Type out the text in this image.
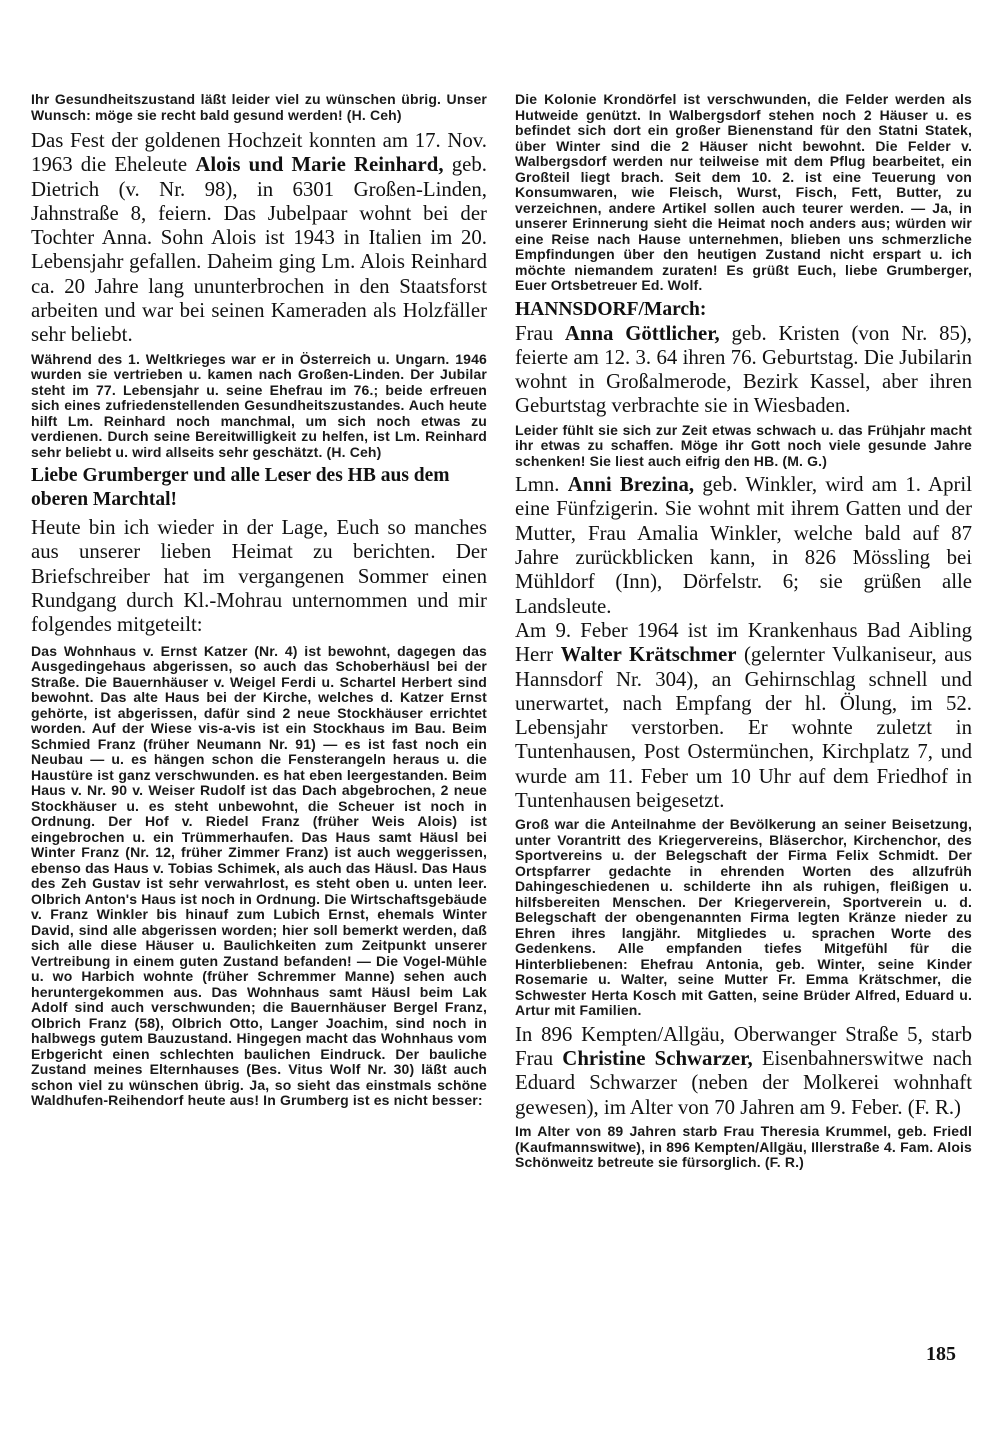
Ihr Gesundheitszustand läßt leider viel zu wünschen übrig. Unser Wunsch: möge sie recht bald gesund werden! (H. Ceh)

Das Fest der goldenen Hochzeit konnten am 17. Nov. 1963 die Eheleute Alois und Marie Reinhard, geb. Dietrich (v. Nr. 98), in 6301 Großen-Linden, Jahnstraße 8, feiern. Das Jubelpaar wohnt bei der Tochter Anna. Sohn Alois ist 1943 in Italien im 20. Lebensjahr gefallen. Daheim ging Lm. Alois Reinhard ca. 20 Jahre lang ununterbrochen in den Staatsforst arbeiten und war bei seinen Kameraden als Holzfäller sehr beliebt.

Während des 1. Weltkrieges war er in Österreich u. Ungarn. 1946 wurden sie vertrieben u. kamen nach Großen-Linden. Der Jubilar steht im 77. Lebensjahr u. seine Ehefrau im 76.; beide erfreuen sich eines zufriedenstellenden Gesundheitszustandes. Auch heute hilft Lm. Reinhard noch manchmal, um sich noch etwas zu verdienen. Durch seine Bereitwilligkeit zu helfen, ist Lm. Reinhard sehr beliebt u. wird allseits sehr geschätzt. (H. Ceh)

Liebe Grumberger und alle Leser des HB aus dem oberen Marchtal!

Heute bin ich wieder in der Lage, Euch so manches aus unserer lieben Heimat zu berichten. Der Briefschreiber hat im vergangenen Sommer einen Rundgang durch Kl.-Mohrau unternommen und mir folgendes mitgeteilt:

Das Wohnhaus v. Ernst Katzer (Nr. 4) ist bewohnt, dagegen das Ausgedingehaus abgerissen, so auch das Schoberhäusl bei der Straße. Die Bauernhäuser v. Weigel Ferdi u. Schartel Herbert sind bewohnt. Das alte Haus bei der Kirche, welches d. Katzer Ernst gehörte, ist abgerissen, dafür sind 2 neue Stockhäuser errichtet worden. Auf der Wiese vis-a-vis ist ein Stockhaus im Bau. Beim Schmied Franz (früher Neumann Nr. 91) — es ist fast noch ein Neubau — u. es hängen schon die Fensterangeln heraus u. die Haustüre ist ganz verschwunden. es hat eben leergestanden. Beim Haus v. Nr. 90 v. Weiser Rudolf ist das Dach abgebrochen, 2 neue Stockhäuser u. es steht unbewohnt, die Scheuer ist noch in Ordnung. Der Hof v. Riedel Franz (früher Weis Alois) ist eingebrochen u. ein Trümmerhaufen. Das Haus samt Häusl bei Winter Franz (Nr. 12, früher Zimmer Franz) ist auch weggerissen, ebenso das Haus v. Tobias Schimek, als auch das Häusl. Das Haus des Zeh Gustav ist sehr verwahrlost, es steht oben u. unten leer. Olbrich Anton's Haus ist noch in Ordnung. Die Wirtschaftsgebäude v. Franz Winkler bis hinauf zum Lubich Ernst, ehemals Winter David, sind alle abgerissen worden; hier soll bemerkt werden, daß sich alle diese Häuser u. Baulichkeiten zum Zeitpunkt unserer Vertreibung in einem guten Zustand befanden! — Die Vogel-Mühle u. wo Harbich wohnte (früher Schremmer Manne) sehen auch heruntergekommen aus. Das Wohnhaus samt Häusl beim Lak Adolf sind auch verschwunden; die Bauernhäuser Bergel Franz, Olbrich Franz (58), Olbrich Otto, Langer Joachim, sind noch in halbwegs gutem Bauzustand. Hingegen macht das Wohnhaus vom Erbgericht einen schlechten baulichen Eindruck. Der bauliche Zustand meines Elternhauses (Bes. Vitus Wolf Nr. 30) läßt auch schon viel zu wünschen übrig. Ja, so sieht das einstmals schöne Waldhufen-Reihendorf heute aus! In Grumberg ist es nicht besser:

Die Kolonie Krondörfel ist verschwunden, die Felder werden als Hutweide genützt. In Walbergsdorf stehen noch 2 Häuser u. es befindet sich dort ein großer Bienenstand für den Statni Statek, über Winter sind die 2 Häuser nicht bewohnt. Die Felder v. Walbergsdorf werden nur teilweise mit dem Pflug bearbeitet, ein Großteil liegt brach. Seit dem 10. 2. ist eine Teuerung von Konsumwaren, wie Fleisch, Wurst, Fisch, Fett, Butter, zu verzeichnen, andere Artikel sollen auch teurer werden. — Ja, in unserer Erinnerung sieht die Heimat noch anders aus; würden wir eine Reise nach Hause unternehmen, blieben uns schmerzliche Empfindungen über den heutigen Zustand nicht erspart u. ich möchte niemandem zuraten! Es grüßt Euch, liebe Grumberger, Euer Ortsbetreuer Ed. Wolf.

HANNSDORF/March:

Frau Anna Göttlicher, geb. Kristen (von Nr. 85), feierte am 12. 3. 64 ihren 76. Geburtstag. Die Jubilarin wohnt in Großalmerode, Bezirk Kassel, aber ihren Geburtstag verbrachte sie in Wiesbaden.

Leider fühlt sie sich zur Zeit etwas schwach u. das Frühjahr macht ihr etwas zu schaffen. Möge ihr Gott noch viele gesunde Jahre schenken! Sie liest auch eifrig den HB. (M. G.)

Lmn. Anni Brezina, geb. Winkler, wird am 1. April eine Fünfzigerin. Sie wohnt mit ihrem Gatten und der Mutter, Frau Amalia Winkler, welche bald auf 87 Jahre zurückblicken kann, in 826 Mössling bei Mühldorf (Inn), Dörfelstr. 6; sie grüßen alle Landsleute.

Am 9. Feber 1964 ist im Krankenhaus Bad Aibling Herr Walter Krätschmer (gelernter Vulkaniseur, aus Hannsdorf Nr. 304), an Gehirnschlag schnell und unerwartet, nach Empfang der hl. Ölung, im 52. Lebensjahr verstorben. Er wohnte zuletzt in Tuntenhausen, Post Ostermünchen, Kirchplatz 7, und wurde am 11. Feber um 10 Uhr auf dem Friedhof in Tuntenhausen beigesetzt.

Groß war die Anteilnahme der Bevölkerung an seiner Beisetzung, unter Vorantritt des Kriegervereins, Bläserchor, Kirchenchor, des Sportvereins u. der Belegschaft der Firma Felix Schmidt. Der Ortspfarrer gedachte in ehrenden Worten des allzufrüh Dahingeschiedenen u. schilderte ihn als ruhigen, fleißigen u. hilfsbereiten Menschen. Der Kriegerverein, Sportverein u. d. Belegschaft der obengenannten Firma legten Kränze nieder zu Ehren ihres langjähr. Mitgliedes u. sprachen Worte des Gedenkens. Alle empfanden tiefes Mitgefühl für die Hinterbliebenen: Ehefrau Antonia, geb. Winter, seine Kinder Rosemarie u. Walter, seine Mutter Fr. Emma Krätschmer, die Schwester Herta Kosch mit Gatten, seine Brüder Alfred, Eduard u. Artur mit Familien.

In 896 Kempten/Allgäu, Oberwanger Straße 5, starb Frau Christine Schwarzer, Eisenbahnerswitwe nach Eduard Schwarzer (neben der Molkerei wohnhaft gewesen), im Alter von 70 Jahren am 9. Feber. (F. R.)

Im Alter von 89 Jahren starb Frau Theresia Krummel, geb. Friedl (Kaufmannswitwe), in 896 Kempten/Allgäu, Illerstraße 4. Fam. Alois Schönweitz betreute sie fürsorglich. (F. R.)

185
